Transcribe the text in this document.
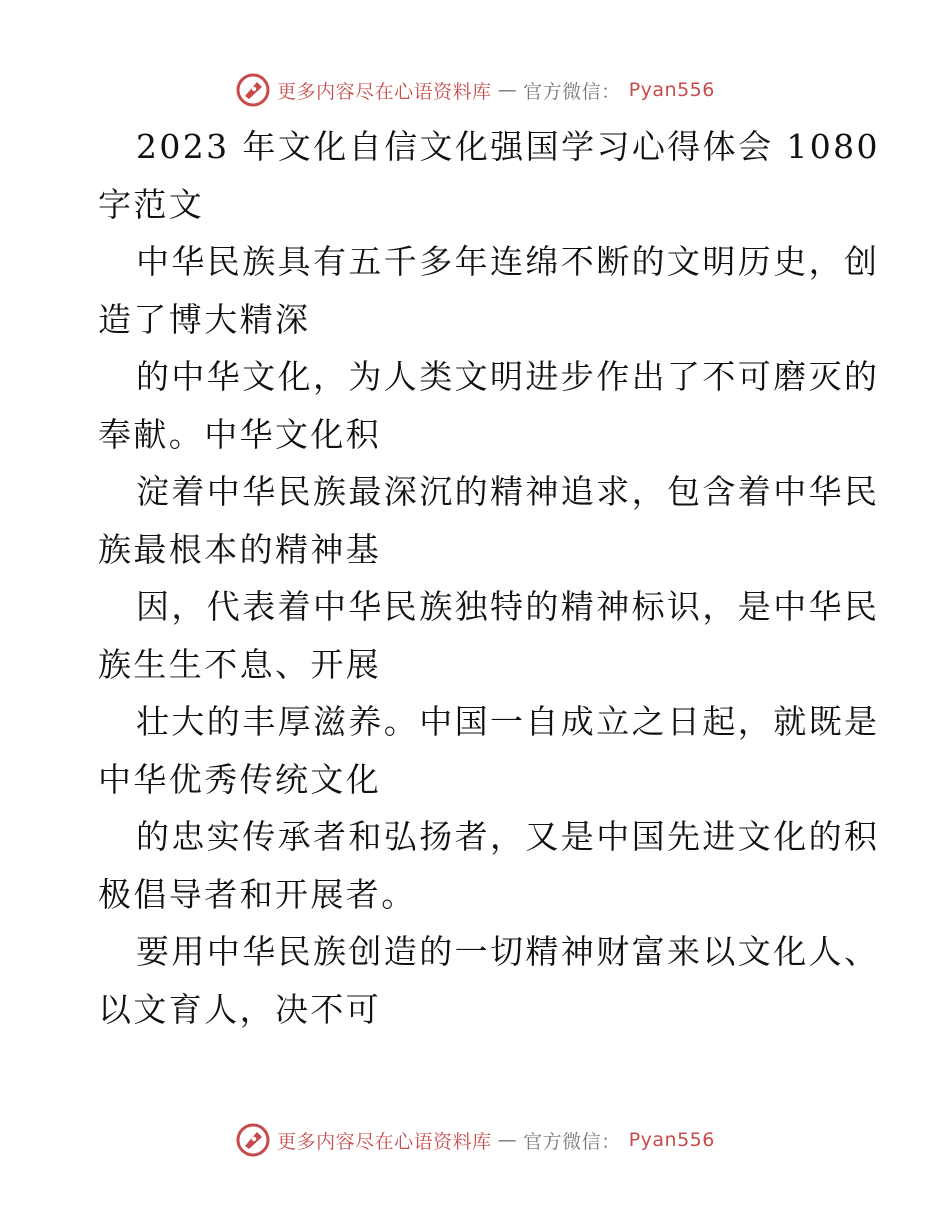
更多内容尽在心语资料库 — 官方微信： Pyan556
2023 年文化自信文化强国学习心得体会 1080
字范文
中华民族具有五千多年连绵不断的文明历史，创
造了博大精深
的中华文化，为人类文明进步作出了不可磨灭的
奉献。中华文化积
淀着中华民族最深沉的精神追求，包含着中华民
族最根本的精神基
因，代表着中华民族独特的精神标识，是中华民
族生生不息、开展
壮大的丰厚滋养。中国一自成立之日起，就既是
中华优秀传统文化
的忠实传承者和弘扬者，又是中国先进文化的积
极倡导者和开展者。
要用中华民族创造的一切精神财富来以文化人、
以文育人，决不可
更多内容尽在心语资料库 — 官方微信： Pyan556
